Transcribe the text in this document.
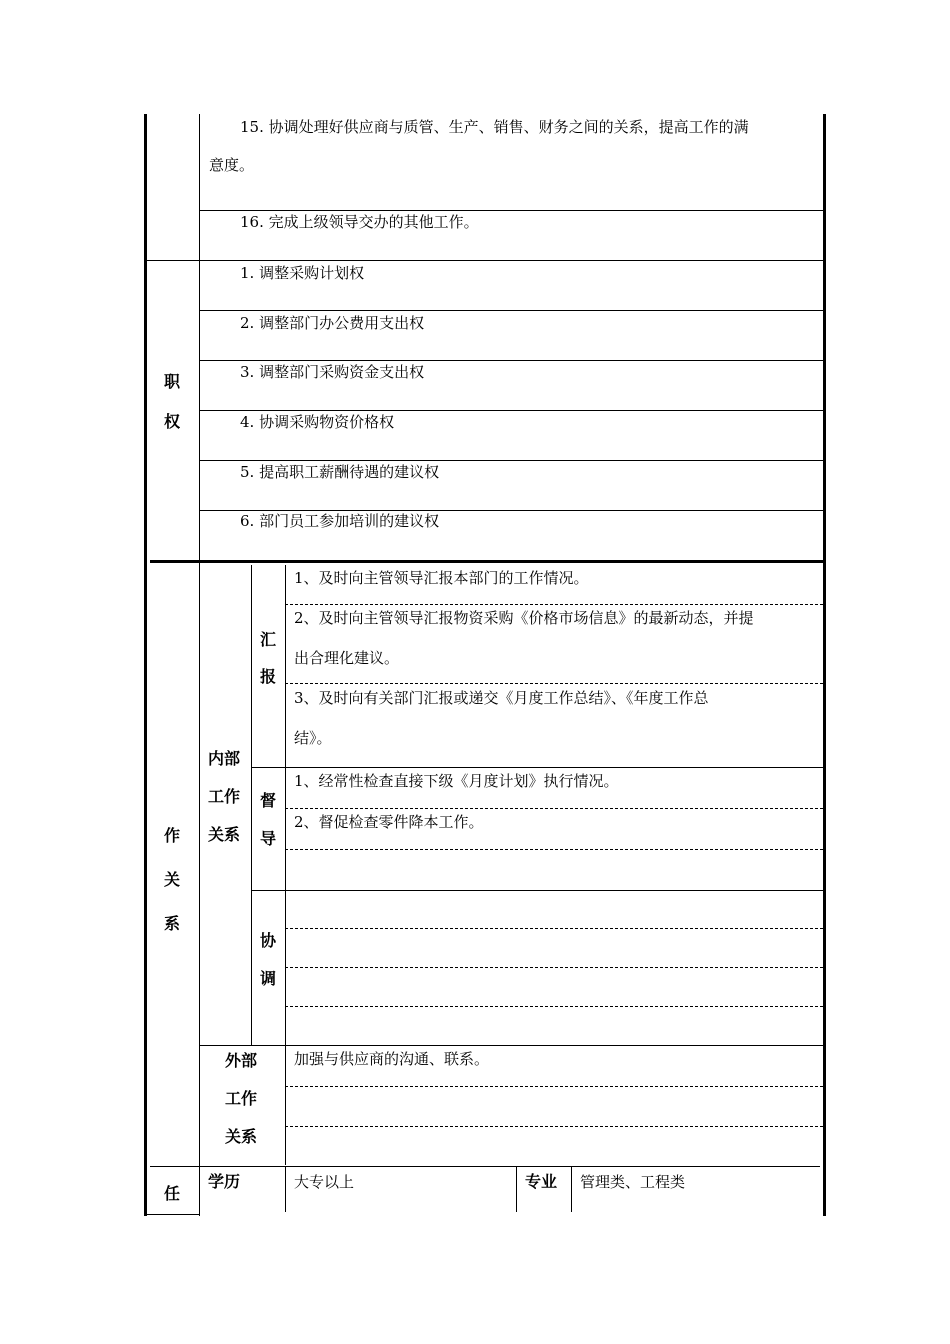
15. 协调处理好供应商与质管、生产、销售、财务之间的关系，提高工作的满
意度。
16. 完成上级领导交办的其他工作。
职
权
1. 调整采购计划权
2. 调整部门办公费用支出权
3. 调整部门采购资金支出权
4. 协调采购物资价格权
5. 提高职工薪酬待遇的建议权
6. 部门员工参加培训的建议权
作
关
系
内部
工作
关系
汇
报
1、及时向主管领导汇报本部门的工作情况。
2、及时向主管领导汇报物资采购《价格市场信息》的最新动态，并提
出合理化建议。
3、及时向有关部门汇报或递交《月度工作总结》、《年度工作总
结》。
督
导
1、经常性检查直接下级《月度计划》执行情况。
2、督促检查零件降本工作。
协
调
外部
工作
关系
加强与供应商的沟通、联系。
任
学历	大专以上	专业 管理类、工程类
